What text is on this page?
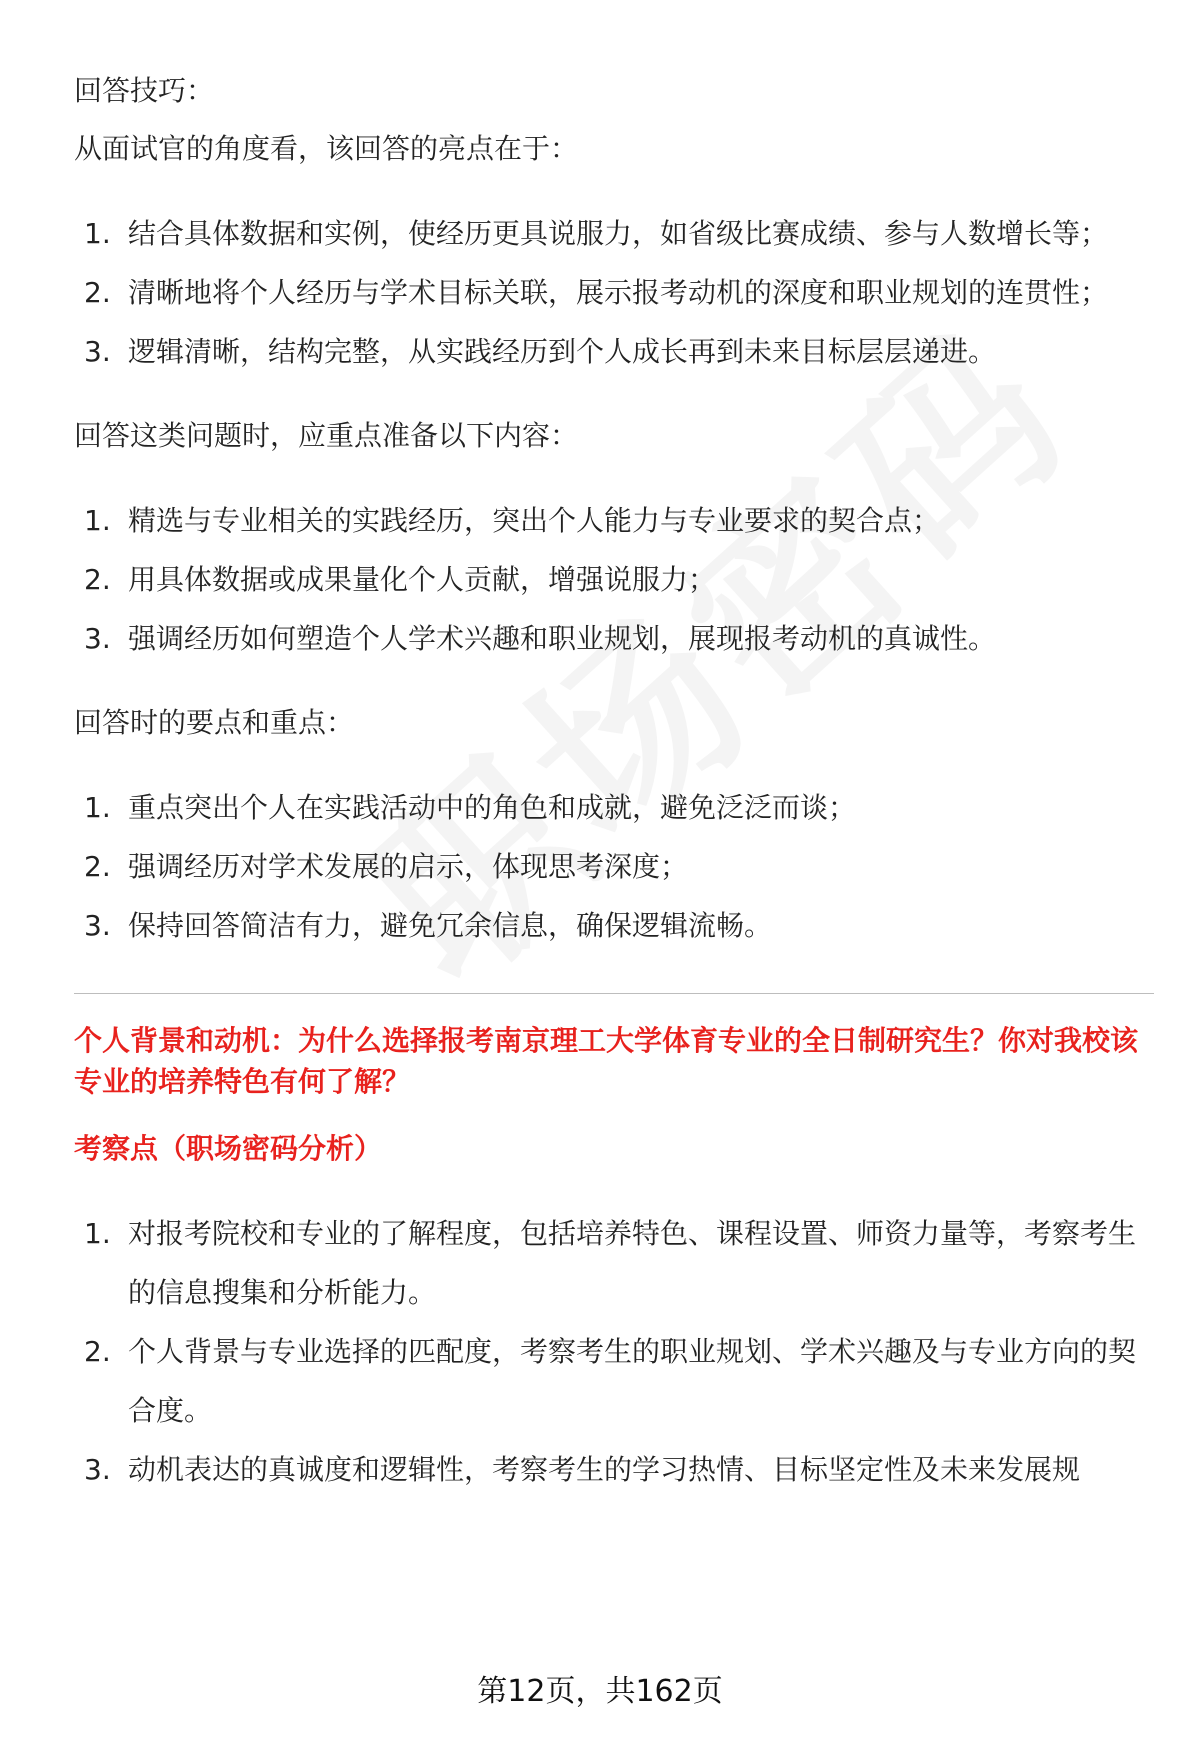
回答技巧：

从面试官的角度看，该回答的亮点在于：

1. 结合具体数据和实例，使经历更具说服力，如省级比赛成绩、参与人数增长等；
2. 清晰地将个人经历与学术目标关联，展示报考动机的深度和职业规划的连贯性；
3. 逻辑清晰，结构完整，从实践经历到个人成长再到未来目标层层递进。

回答这类问题时，应重点准备以下内容：

1. 精选与专业相关的实践经历，突出个人能力与专业要求的契合点；
2. 用具体数据或成果量化个人贡献，增强说服力；
3. 强调经历如何塑造个人学术兴趣和职业规划，展现报考动机的真诚性。

回答时的要点和重点：

1. 重点突出个人在实践活动中的角色和成就，避免泛泛而谈；
2. 强调经历对学术发展的启示，体现思考深度；
3. 保持回答简洁有力，避免冗余信息，确保逻辑流畅。

个人背景和动机：为什么选择报考南京理工大学体育专业的全日制研究生？你对我校该专业的培养特色有何了解？

考察点（职场密码分析）

1. 对报考院校和专业的了解程度，包括培养特色、课程设置、师资力量等，考察考生的信息搜集和分析能力。
2. 个人背景与专业选择的匹配度，考察考生的职业规划、学术兴趣及与专业方向的契合度。
3. 动机表达的真诚度和逻辑性，考察考生的学习热情、目标坚定性及未来发展规
第12页，共162页
